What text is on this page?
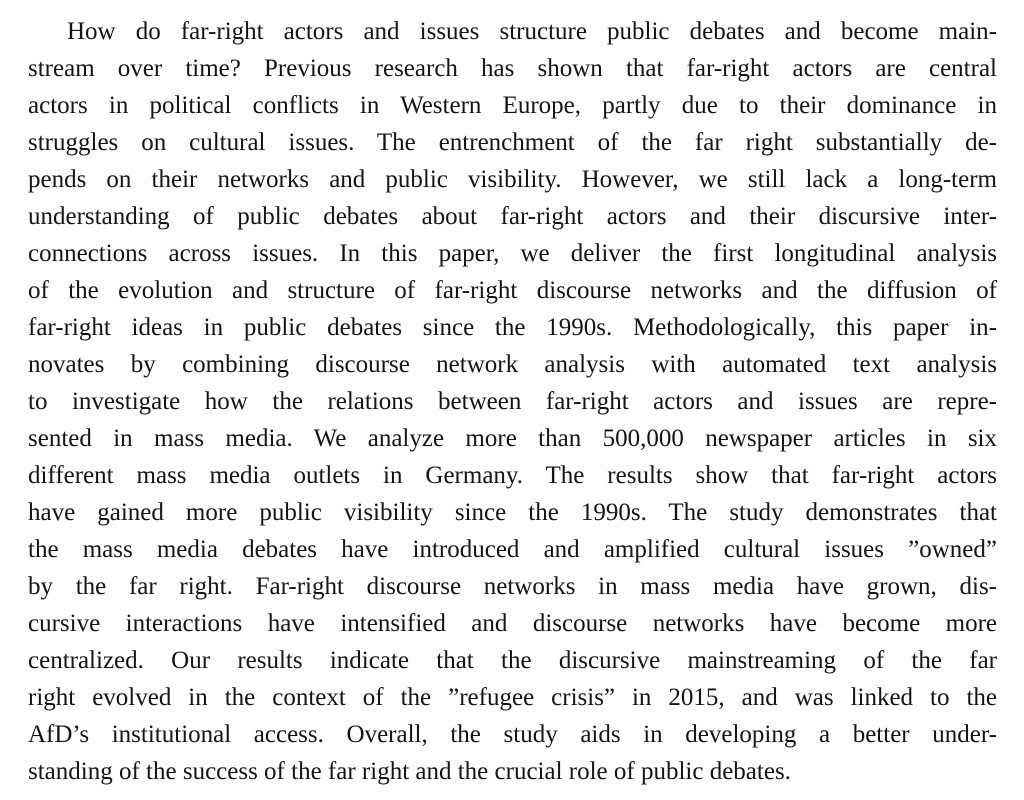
How do far-right actors and issues structure public debates and become main-
stream over time? Previous research has shown that far-right actors are central
actors in political conflicts in Western Europe, partly due to their dominance in
struggles on cultural issues. The entrenchment of the far right substantially de-
pends on their networks and public visibility. However, we still lack a long-term
understanding of public debates about far-right actors and their discursive inter-
connections across issues. In this paper, we deliver the first longitudinal analysis
of the evolution and structure of far-right discourse networks and the diffusion of
far-right ideas in public debates since the 1990s. Methodologically, this paper in-
novates by combining discourse network analysis with automated text analysis
to investigate how the relations between far-right actors and issues are repre-
sented in mass media. We analyze more than 500,000 newspaper articles in six
different mass media outlets in Germany. The results show that far-right actors
have gained more public visibility since the 1990s. The study demonstrates that
the mass media debates have introduced and amplified cultural issues ”owned”
by the far right. Far-right discourse networks in mass media have grown, dis-
cursive interactions have intensified and discourse networks have become more
centralized. Our results indicate that the discursive mainstreaming of the far
right evolved in the context of the ”refugee crisis” in 2015, and was linked to the
AfD’s institutional access. Overall, the study aids in developing a better under-
standing of the success of the far right and the crucial role of public debates.
